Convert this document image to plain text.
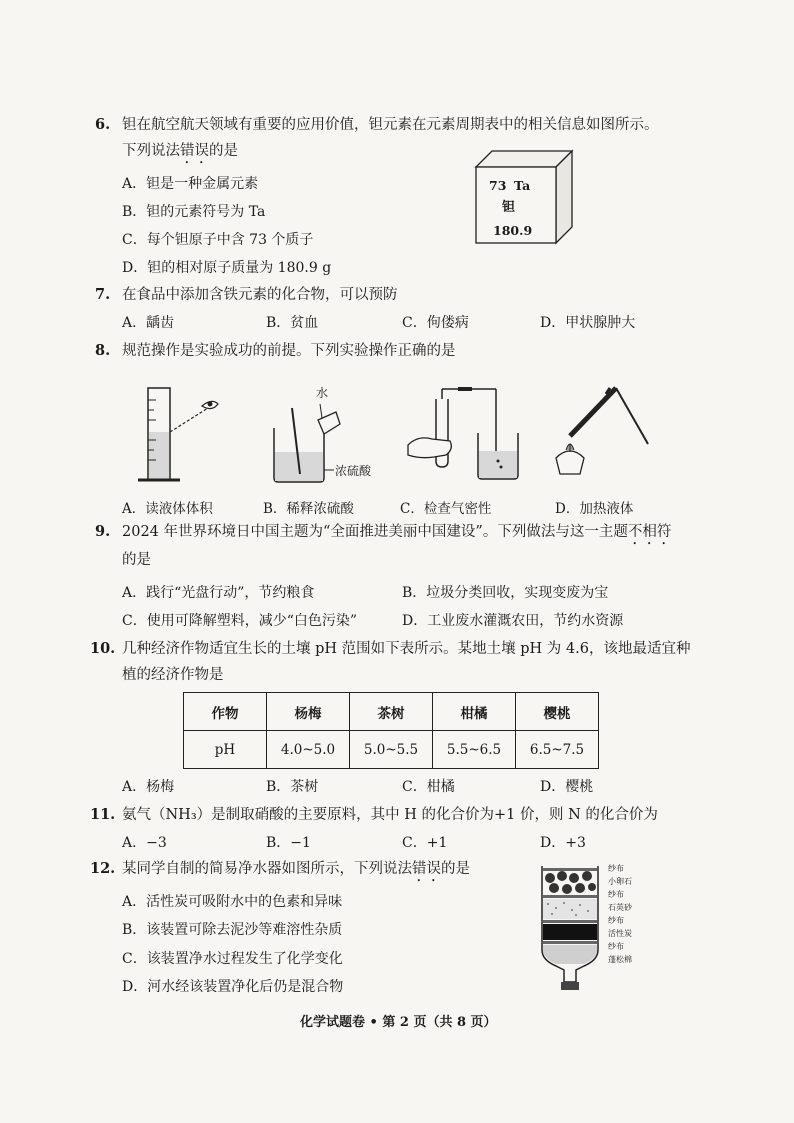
6. 钽在航空航天领域有重要的应用价值，钽元素在元素周期表中的相关信息如图所示。
下列说法错误的是
A．钽是一种金属元素
B．钽的元素符号为 Ta
C．每个钽原子中含 73 个质子
D．钽的相对原子质量为 180.9 g
73 Ta
钽
180.9
7. 在食品中添加含铁元素的化合物，可以预防
A．龋齿	B．贫血	C．佝偻病	D．甲状腺肿大
8. 规范操作是实验成功的前提。下列实验操作正确的是
水
浓硫酸
A．读液体体积	B．稀释浓硫酸	C．检查气密性	D．加热液体
9. 2024 年世界环境日中国主题为“全面推进美丽中国建设”。下列做法与这一主题不相符
的是
A．践行“光盘行动”，节约粮食	B．垃圾分类回收，实现变废为宝
C．使用可降解塑料，减少“白色污染”	D．工业废水灌溉农田，节约水资源
10. 几种经济作物适宜生长的土壤 pH 范围如下表所示。某地土壤 pH 为 4.6，该地最适宜种
植的经济作物是
作物	杨梅	茶树	柑橘	樱桃
pH	4.0~5.0	5.0~5.5	5.5~6.5	6.5~7.5
A．杨梅	B．茶树	C．柑橘	D．樱桃
11. 氨气（NH₃）是制取硝酸的主要原料，其中 H 的化合价为+1 价，则 N 的化合价为
A．−3	B．−1	C．+1	D．+3
12. 某同学自制的简易净水器如图所示，下列说法错误的是
A．活性炭可吸附水中的色素和异味
B．该装置可除去泥沙等难溶性杂质
C．该装置净水过程发生了化学变化
D．河水经该装置净化后仍是混合物
纱布
小卵石
纱布
石英砂
纱布
活性炭
纱布
蓬松棉
化学试题卷 • 第 2 页（共 8 页）
